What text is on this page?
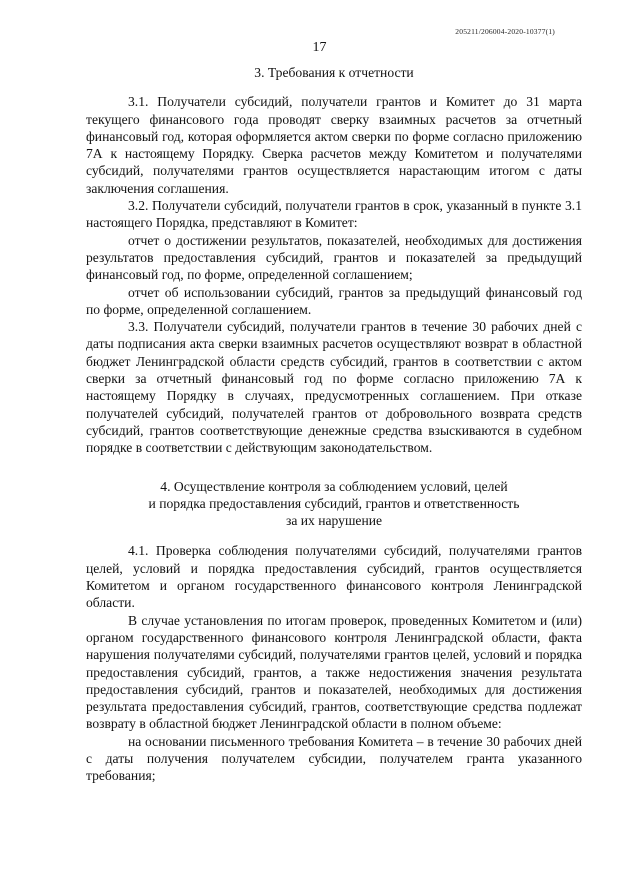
205211/206004-2020-10377(1)
17
3. Требования к отчетности

3.1. Получатели субсидий, получатели грантов и Комитет до 31 марта текущего финансового года проводят сверку взаимных расчетов за отчетный финансовый год, которая оформляется актом сверки по форме согласно приложению 7А к настоящему Порядку. Сверка расчетов между Комитетом и получателями субсидий, получателями грантов осуществляется нарастающим итогом с даты заключения соглашения.

3.2. Получатели субсидий, получатели грантов в срок, указанный в пункте 3.1 настоящего Порядка, представляют в Комитет:

отчет о достижении результатов, показателей, необходимых для достижения результатов предоставления субсидий, грантов и показателей за предыдущий финансовый год, по форме, определенной соглашением;

отчет об использовании субсидий, грантов за предыдущий финансовый год по форме, определенной соглашением.

3.3. Получатели субсидий, получатели грантов в течение 30 рабочих дней с даты подписания акта сверки взаимных расчетов осуществляют возврат в областной бюджет Ленинградской области средств субсидий, грантов в соответствии с актом сверки за отчетный финансовый год по форме согласно приложению 7А к настоящему Порядку в случаях, предусмотренных соглашением. При отказе получателей субсидий, получателей грантов от добровольного возврата средств субсидий, грантов соответствующие денежные средства взыскиваются в судебном порядке в соответствии с действующим законодательством.

4. Осуществление контроля за соблюдением условий, целей
и порядка предоставления субсидий, грантов и ответственность
за их нарушение

4.1. Проверка соблюдения получателями субсидий, получателями грантов целей, условий и порядка предоставления субсидий, грантов осуществляется Комитетом и органом государственного финансового контроля Ленинградской области.

В случае установления по итогам проверок, проведенных Комитетом и (или) органом государственного финансового контроля Ленинградской области, факта нарушения получателями субсидий, получателями грантов целей, условий и порядка предоставления субсидий, грантов, а также недостижения значения результата предоставления субсидий, грантов и показателей, необходимых для достижения результата предоставления субсидий, грантов, соответствующие средства подлежат возврату в областной бюджет Ленинградской области в полном объеме:

на основании письменного требования Комитета – в течение 30 рабочих дней с даты получения получателем субсидии, получателем гранта указанного требования;
